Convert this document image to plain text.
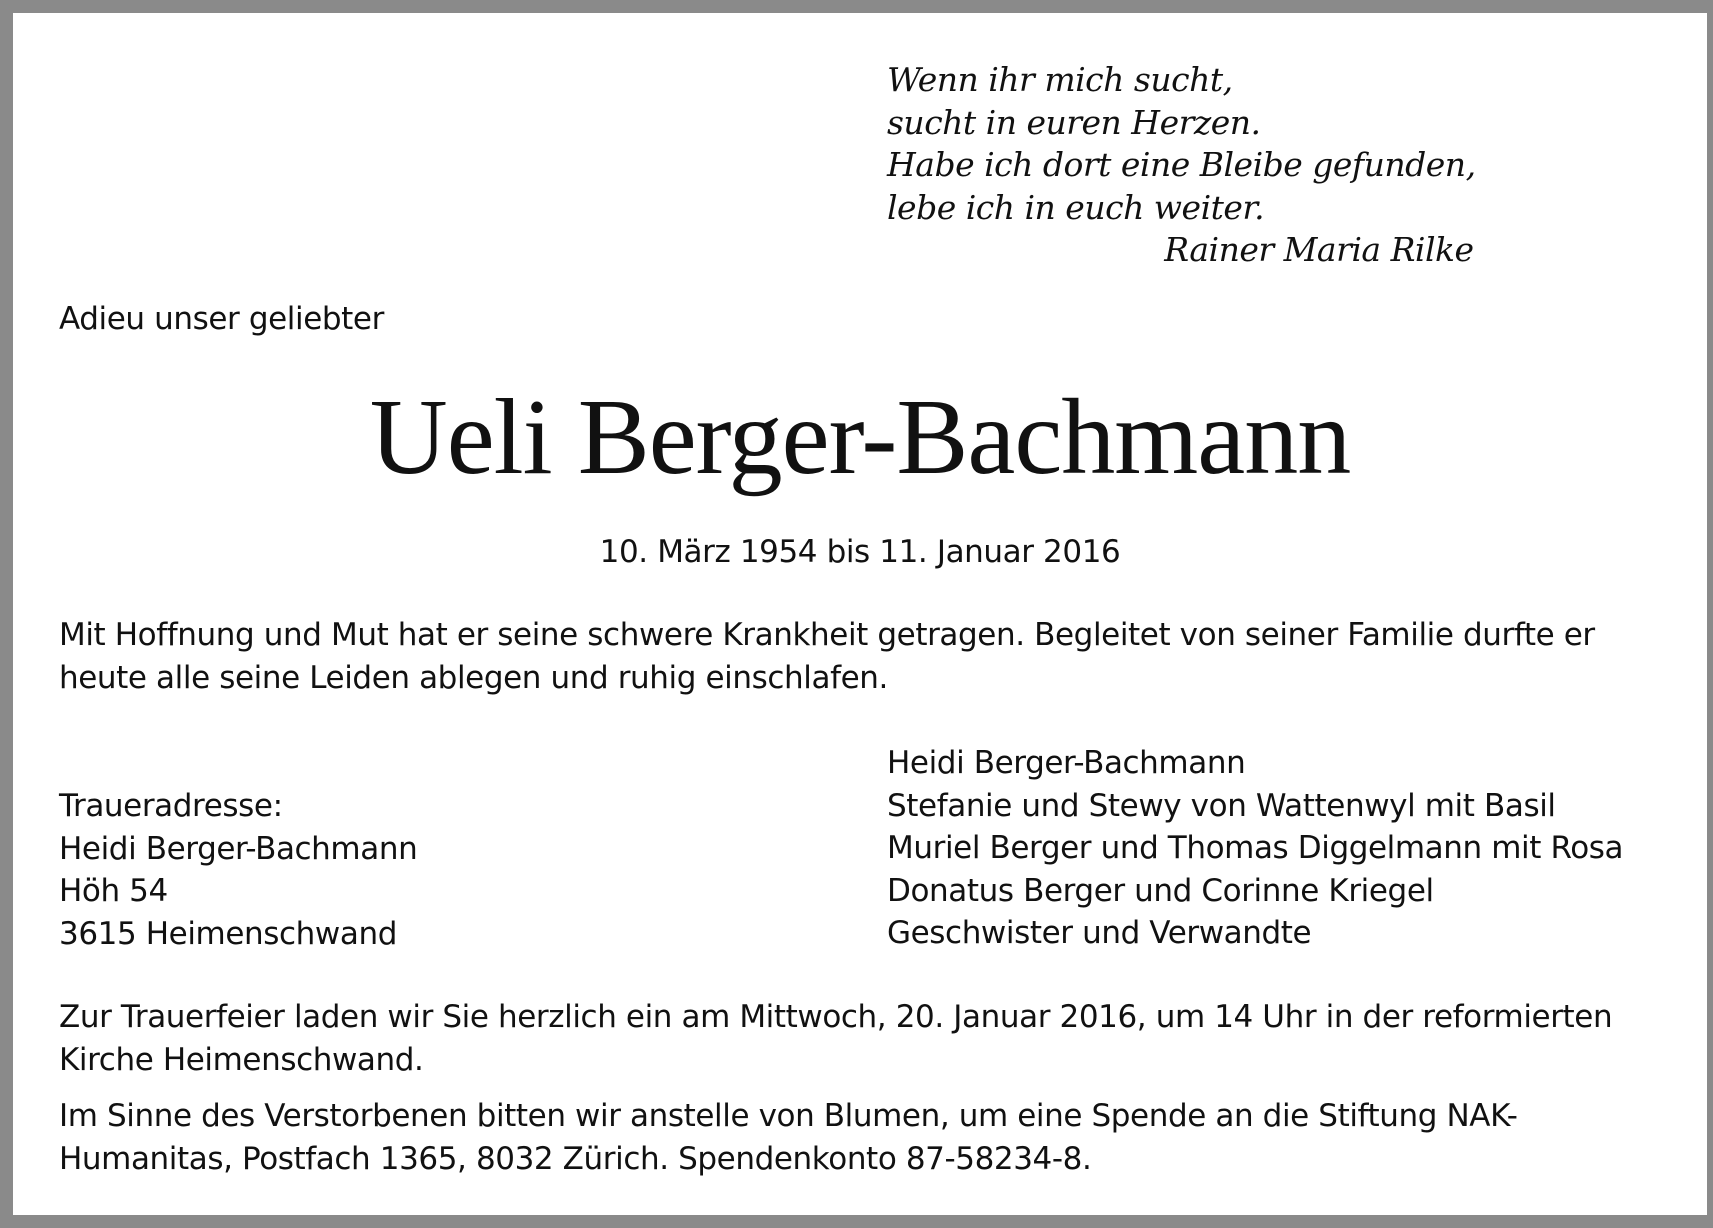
Wenn ihr mich sucht,
sucht in euren Herzen.
Habe ich dort eine Bleibe gefunden,
lebe ich in euch weiter.
Rainer Maria Rilke
Adieu unser geliebter
Ueli Berger-Bachmann
10. März 1954 bis 11. Januar 2016
Mit Hoffnung und Mut hat er seine schwere Krankheit getragen. Begleitet von seiner Familie durfte er heute alle seine Leiden ablegen und ruhig einschlafen.
Heidi Berger-Bachmann
Stefanie und Stewy von Wattenwyl mit Basil
Muriel Berger und Thomas Diggelmann mit Rosa
Donatus Berger und Corinne Kriegel
Geschwister und Verwandte
Traueradresse:
Heidi Berger-Bachmann
Höh 54
3615 Heimenschwand
Zur Trauerfeier laden wir Sie herzlich ein am Mittwoch, 20. Januar 2016, um 14 Uhr in der reformierten Kirche Heimenschwand.
Im Sinne des Verstorbenen bitten wir anstelle von Blumen, um eine Spende an die Stiftung NAK-Humanitas, Postfach 1365, 8032 Zürich. Spendenkonto 87-58234-8.
